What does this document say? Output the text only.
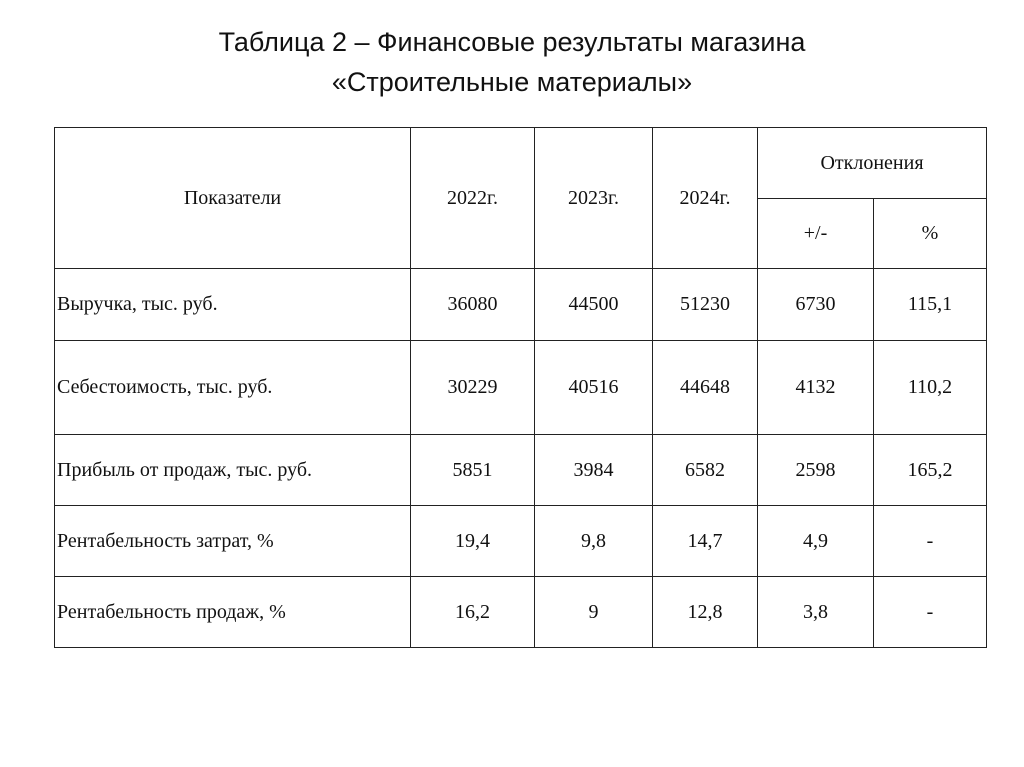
Таблица 2 – Финансовые результаты магазина
«Строительные материалы»
Показатели	2022г.	2023г.	2024г.	Отклонения	
				+/-	%
Выручка, тыс. руб.	36080	44500	51230	6730	115,1
Себестоимость, тыс. руб.	30229	40516	44648	4132	110,2
Прибыль от продаж, тыс. руб.	5851	3984	6582	2598	165,2
Рентабельность затрат, %	19,4	9,8	14,7	4,9	-
Рентабельность продаж, %	16,2	9	12,8	3,8	-
